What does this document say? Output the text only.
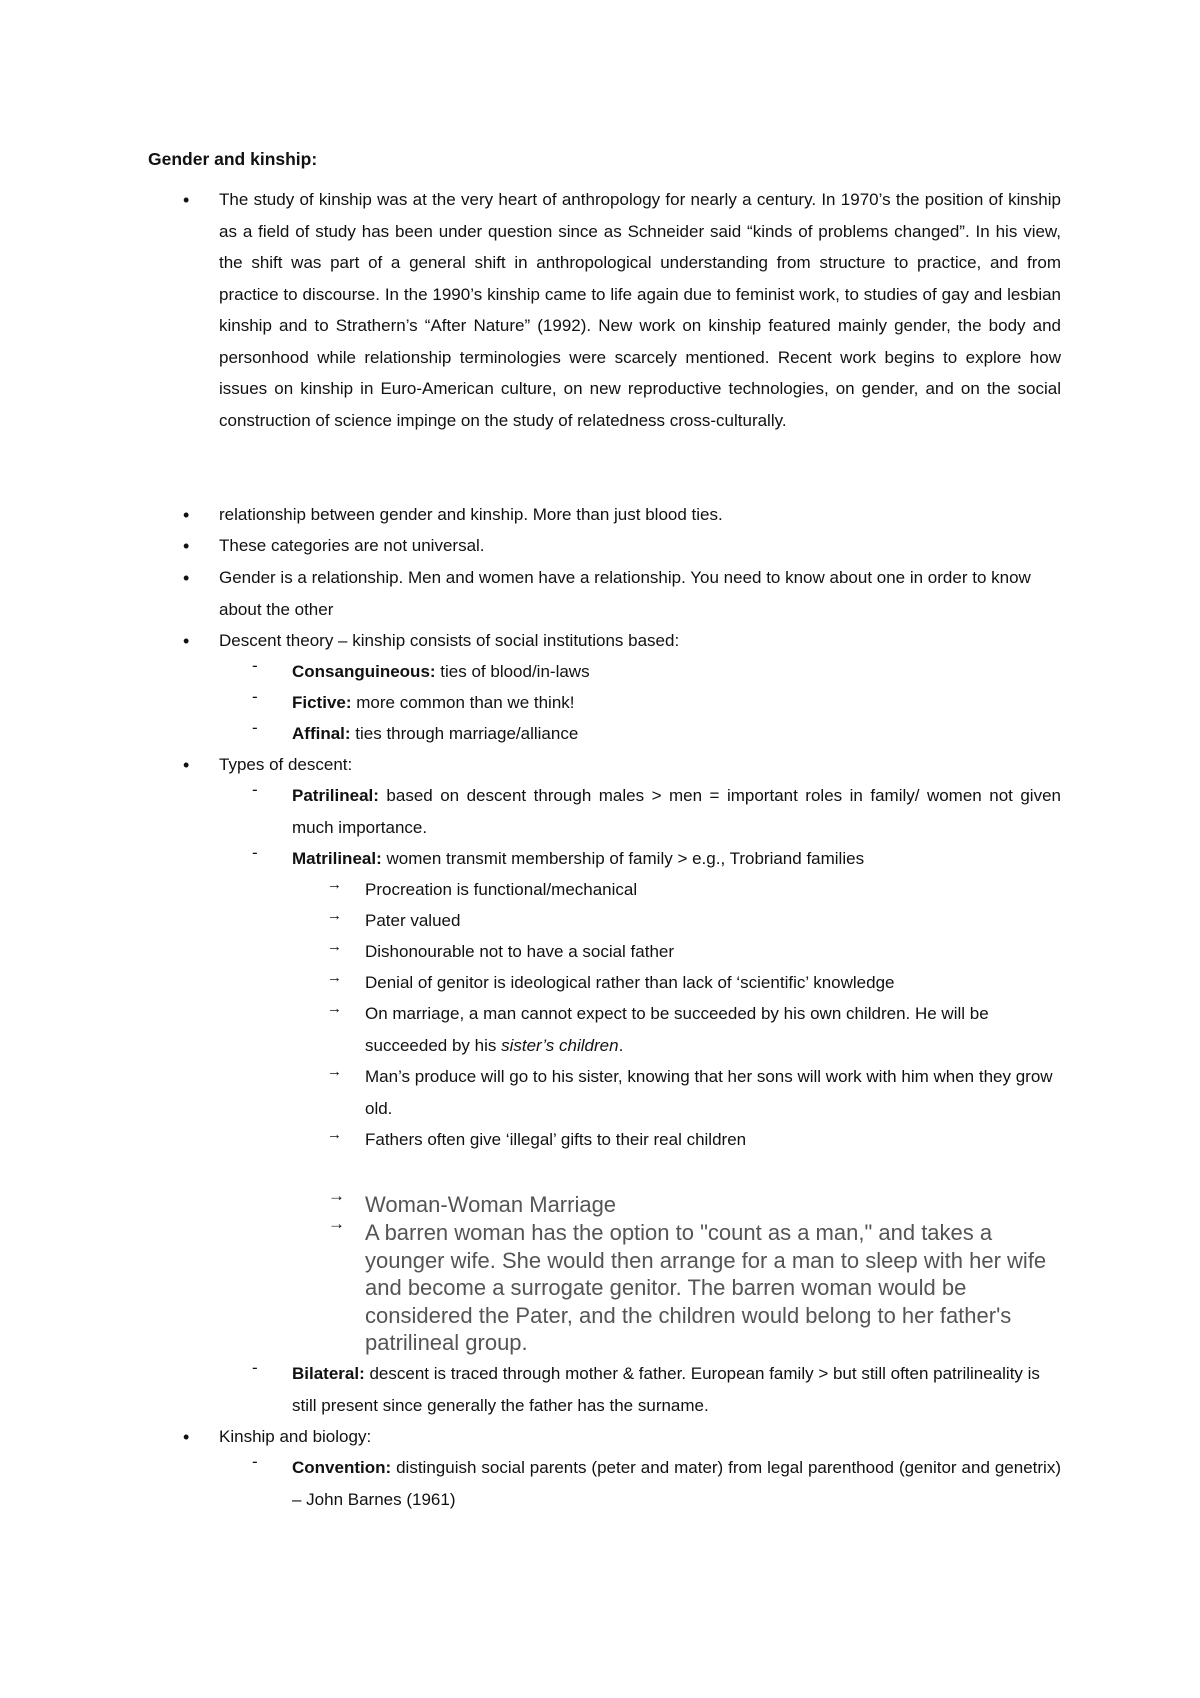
Gender and kinship:
• The study of kinship was at the very heart of anthropology for nearly a century. In 1970’s the position of kinship as a field of study has been under question since as Schneider said “kinds of problems changed”. In his view, the shift was part of a general shift in anthropological understanding from structure to practice, and from practice to discourse. In the 1990’s kinship came to life again due to feminist work, to studies of gay and lesbian kinship and to Strathern’s “After Nature” (1992). New work on kinship featured mainly gender, the body and personhood while relationship terminologies were scarcely mentioned. Recent work begins to explore how issues on kinship in Euro-American culture, on new reproductive technologies, on gender, and on the social construction of science impinge on the study of relatedness cross-culturally.
• relationship between gender and kinship. More than just blood ties.
• These categories are not universal.
• Gender is a relationship. Men and women have a relationship. You need to know about one in order to know about the other
• Descent theory – kinship consists of social institutions based:
- Consanguineous: ties of blood/in-laws
- Fictive: more common than we think!
- Affinal: ties through marriage/alliance
• Types of descent:
- Patrilineal: based on descent through males > men = important roles in family/ women not given much importance.
- Matrilineal: women transmit membership of family > e.g., Trobriand families
→ Procreation is functional/mechanical
→ Pater valued
→ Dishonourable not to have a social father
→ Denial of genitor is ideological rather than lack of ‘scientific’ knowledge
→ On marriage, a man cannot expect to be succeeded by his own children. He will be succeeded by his sister’s children.
→ Man’s produce will go to his sister, knowing that her sons will work with him when they grow old.
→ Fathers often give ‘illegal’ gifts to their real children
→ Woman-Woman Marriage
→ A barren woman has the option to "count as a man," and takes a younger wife. She would then arrange for a man to sleep with her wife and become a surrogate genitor. The barren woman would be considered the Pater, and the children would belong to her father's patrilineal group.
- Bilateral: descent is traced through mother & father. European family > but still often patrilineality is still present since generally the father has the surname.
• Kinship and biology:
- Convention: distinguish social parents (peter and mater) from legal parenthood (genitor and genetrix) – John Barnes (1961)
